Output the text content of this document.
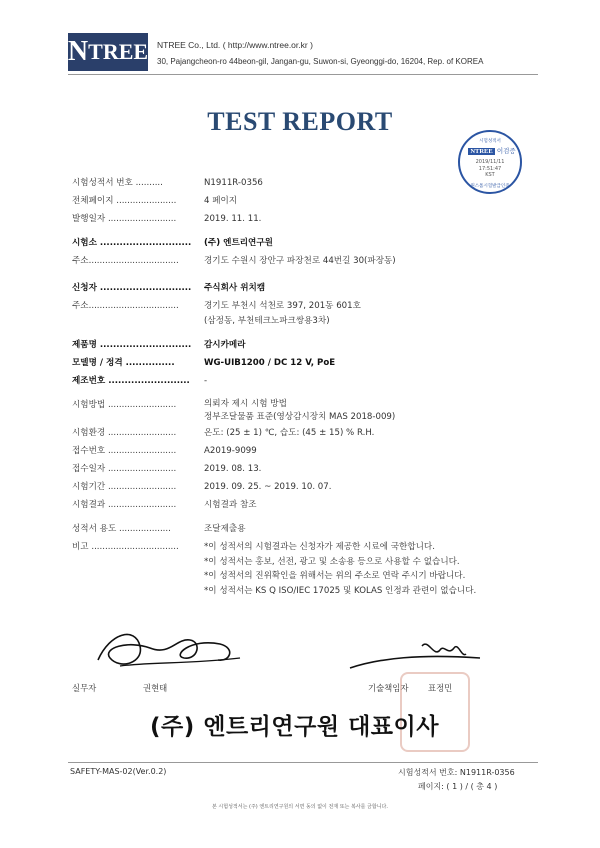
N TREE NTREE Co., Ltd. ( http://www.ntree.or.kr )
30, Pajangcheon-ro 44beon-gil, Jangan-gu, Suwon-si, Gyeonggi-do, 16204, Rep. of KOREA
TEST REPORT
시험성적서
NTREE 이검증
2019/11/11
17:51:47
KST
원스톱시험발급인증
시험성적서 번호 ..........	N1911R-0356
전체페이지 ......................	4 페이지
발행일자 .........................	2019. 11. 11.
시험소 ............................	(주) 엔트리연구원
주소.................................	경기도 수원시 장안구 파장천로 44번길 30(파장동)
신청자 ............................	주식회사 위치캠
주소.................................	경기도 부천시 석천로 397, 201동 601호
(삼정동, 부천테크노파크쌍용3차)
제품명 ............................	감시카메라
모델명 / 정격 ...............	WG-UIB1200 / DC 12 V, PoE
제조번호 .........................	-
시험방법 .........................	의뢰자 제시 시험 방법
정부조달물품 표준(영상감시장치 MAS 2018-009)
시험환경 .........................	온도: (25 ± 1) ℃, 습도: (45 ± 15) % R.H.
접수번호 .........................	A2019-9099
접수일자 .........................	2019. 08. 13.
시험기간 .........................	2019. 09. 25. ~ 2019. 10. 07.
시험결과 .........................	시험결과 참조
성적서 용도 ...................	조달제출용
비고 ................................	*이 성적서의 시험결과는 신청자가 제공한 시료에 국한합니다.
*이 성적서는 홍보, 선전, 광고 및 소송용 등으로 사용할 수 없습니다.
*이 성적서의 진위확인을 위해서는 위의 주소로 연락 주시기 바랍니다.
*이 성적서는 KS Q ISO/IEC 17025 및 KOLAS 인정과 관련이 없습니다.
실무자	권현태	기술책임자 표정민
(주) 엔트리연구원 대표이사
SAFETY-MAS-02(Ver.0.2)	시험성적서 번호: N1911R-0356
페이지: ( 1 ) / ( 총 4 )
본 시험성적서는 (주) 엔트리연구원의 서면 동의 없이 전재 또는 복사를 금합니다.
